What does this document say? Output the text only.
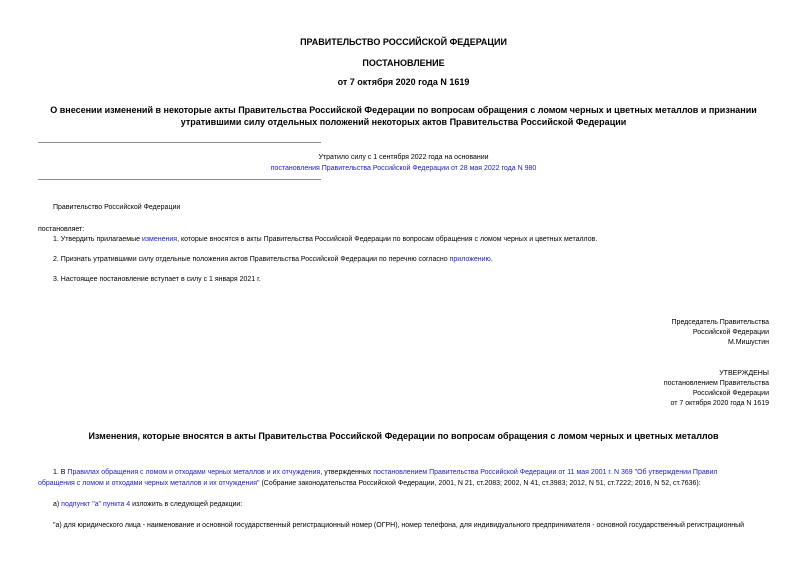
ПРАВИТЕЛЬСТВО РОССИЙСКОЙ ФЕДЕРАЦИИ
ПОСТАНОВЛЕНИЕ
от 7 октября 2020 года N 1619
О внесении изменений в некоторые акты Правительства Российской Федерации по вопросам обращения с ломом черных и цветных металлов и признании
утратившими силу отдельных положений некоторых актов Правительства Российской Федерации
Утратило силу с 1 сентября 2022 года на основании
постановления Правительства Российской Федерации от 28 мая 2022 года N 980
Правительство Российской Федерации
постановляет:
1. Утвердить прилагаемые изменения, которые вносятся в акты Правительства Российской Федерации по вопросам обращения с ломом черных и цветных металлов.
2. Признать утратившими силу отдельные положения актов Правительства Российской Федерации по перечню согласно приложению.
3. Настоящее постановление вступает в силу с 1 января 2021 г.
Председатель Правительства
Российской Федерации
М.Мишустин
УТВЕРЖДЕНЫ
постановлением Правительства
Российской Федерации
от 7 октября 2020 года N 1619
Изменения, которые вносятся в акты Правительства Российской Федерации по вопросам обращения с ломом черных и цветных металлов
1. В Правилах обращения с ломом и отходами черных металлов и их отчуждения, утвержденных постановлением Правительства Российской Федерации от 11 мая 2001 г. N 369 "Об утверждении Правил
обращения с ломом и отходами черных металлов и их отчуждения" (Собрание законодательства Российской Федерации, 2001, N 21, ст.2083; 2002, N 41, ст.3983; 2012, N 51, ст.7222; 2016, N 52, ст.7636):
а) подпункт "а" пункта 4 изложить в следующей редакции:
"а) для юридического лица - наименование и основной государственный регистрационный номер (ОГРН), номер телефона, для индивидуального предпринимателя - основной государственный регистрационный
